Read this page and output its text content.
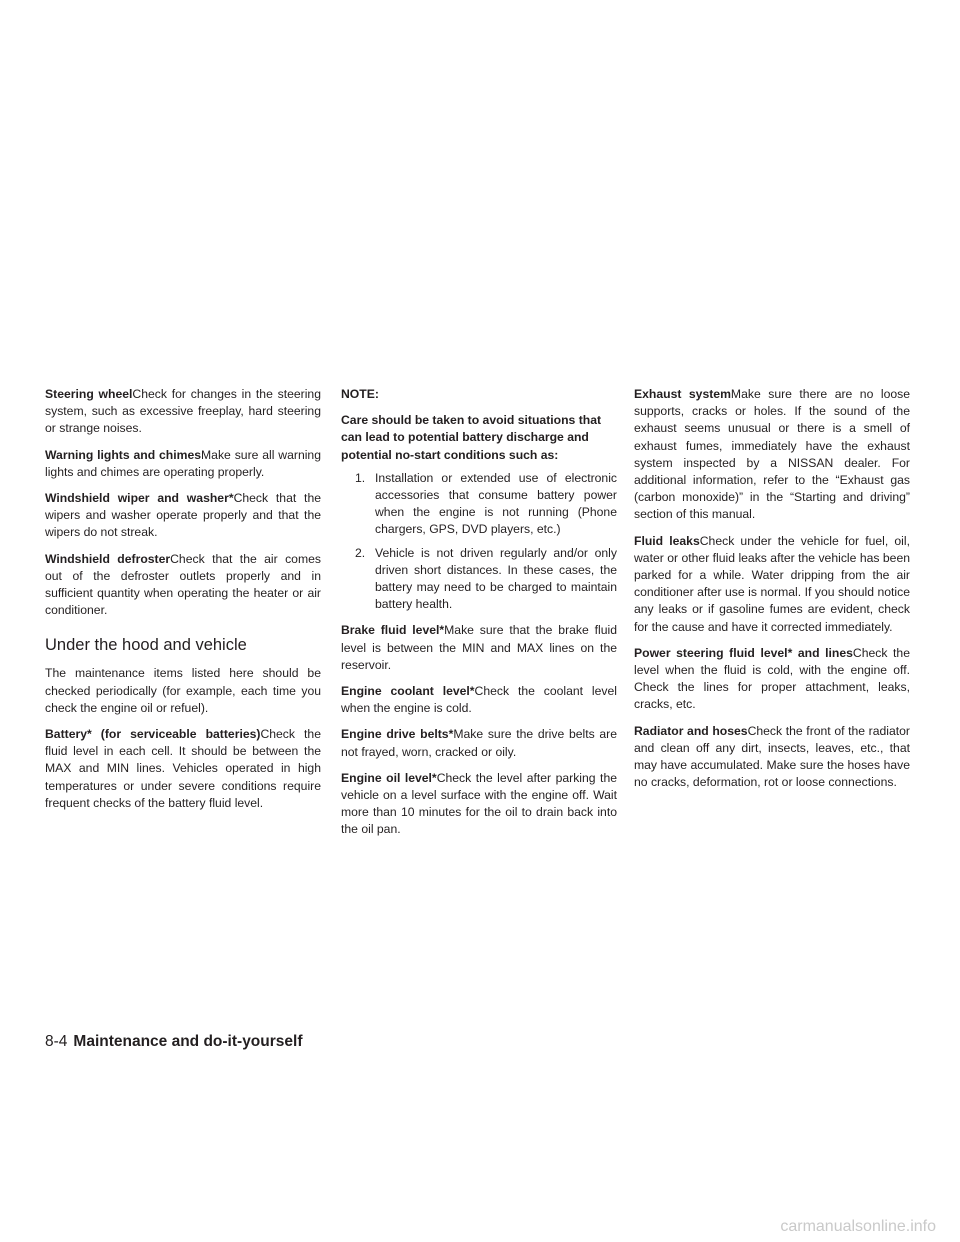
Steering wheelCheck for changes in the steering system, such as excessive freeplay, hard steering or strange noises.

Warning lights and chimesMake sure all warning lights and chimes are operating properly.

Windshield wiper and washer*Check that the wipers and washer operate properly and that the wipers do not streak.

Windshield defrosterCheck that the air comes out of the defroster outlets properly and in sufficient quantity when operating the heater or air conditioner.

Under the hood and vehicle

The maintenance items listed here should be checked periodically (for example, each time you check the engine oil or refuel).

Battery* (for serviceable batteries)Check the fluid level in each cell. It should be between the MAX and MIN lines. Vehicles operated in high temperatures or under severe conditions require frequent checks of the battery fluid level.

NOTE:
Care should be taken to avoid situations that can lead to potential battery discharge and potential no-start conditions such as:
1. Installation or extended use of electronic accessories that consume battery power when the engine is not running (Phone chargers, GPS, DVD players, etc.)
2. Vehicle is not driven regularly and/or only driven short distances. In these cases, the battery may need to be charged to maintain battery health.

Brake fluid level*Make sure that the brake fluid level is between the MIN and MAX lines on the reservoir.

Engine coolant level*Check the coolant level when the engine is cold.

Engine drive belts*Make sure the drive belts are not frayed, worn, cracked or oily.

Engine oil level*Check the level after parking the vehicle on a level surface with the engine off. Wait more than 10 minutes for the oil to drain back into the oil pan.

Exhaust systemMake sure there are no loose supports, cracks or holes. If the sound of the exhaust seems unusual or there is a smell of exhaust fumes, immediately have the exhaust system inspected by a NISSAN dealer. For additional information, refer to the “Exhaust gas (carbon monoxide)” in the “Starting and driving” section of this manual.

Fluid leaksCheck under the vehicle for fuel, oil, water or other fluid leaks after the vehicle has been parked for a while. Water dripping from the air conditioner after use is normal. If you should notice any leaks or if gasoline fumes are evident, check for the cause and have it corrected immediately.

Power steering fluid level* and linesCheck the level when the fluid is cold, with the engine off. Check the lines for proper attachment, leaks, cracks, etc.

Radiator and hosesCheck the front of the radiator and clean off any dirt, insects, leaves, etc., that may have accumulated. Make sure the hoses have no cracks, deformation, rot or loose connections.

8-4 Maintenance and do-it-yourself
carmanualsonline.info
